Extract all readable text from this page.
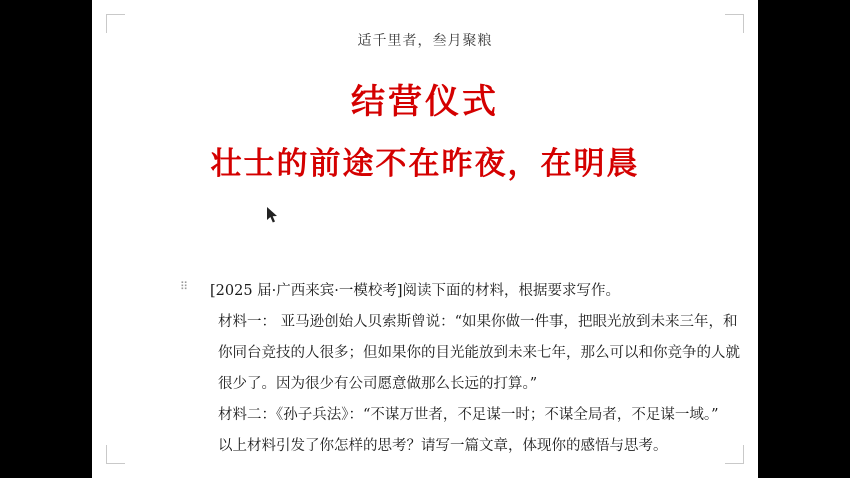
适千里者，叁月聚粮
结营仪式
壮士的前途不在昨夜，在明晨
⠿ [2025 届·广西来宾·一模校考]阅读下面的材料，根据要求写作。

材料一： 亚马逊创始人贝索斯曾说：“如果你做一件事，把眼光放到未来三年，和你同台竞技的人很多；但如果你的目光能放到未来七年，那么可以和你竞争的人就很少了。因为很少有公司愿意做那么长远的打算。”

材料二：《孙子兵法》：“不谋万世者，不足谋一时；不谋全局者，不足谋一域。”

以上材料引发了你怎样的思考？请写一篇文章，体现你的感悟与思考。
